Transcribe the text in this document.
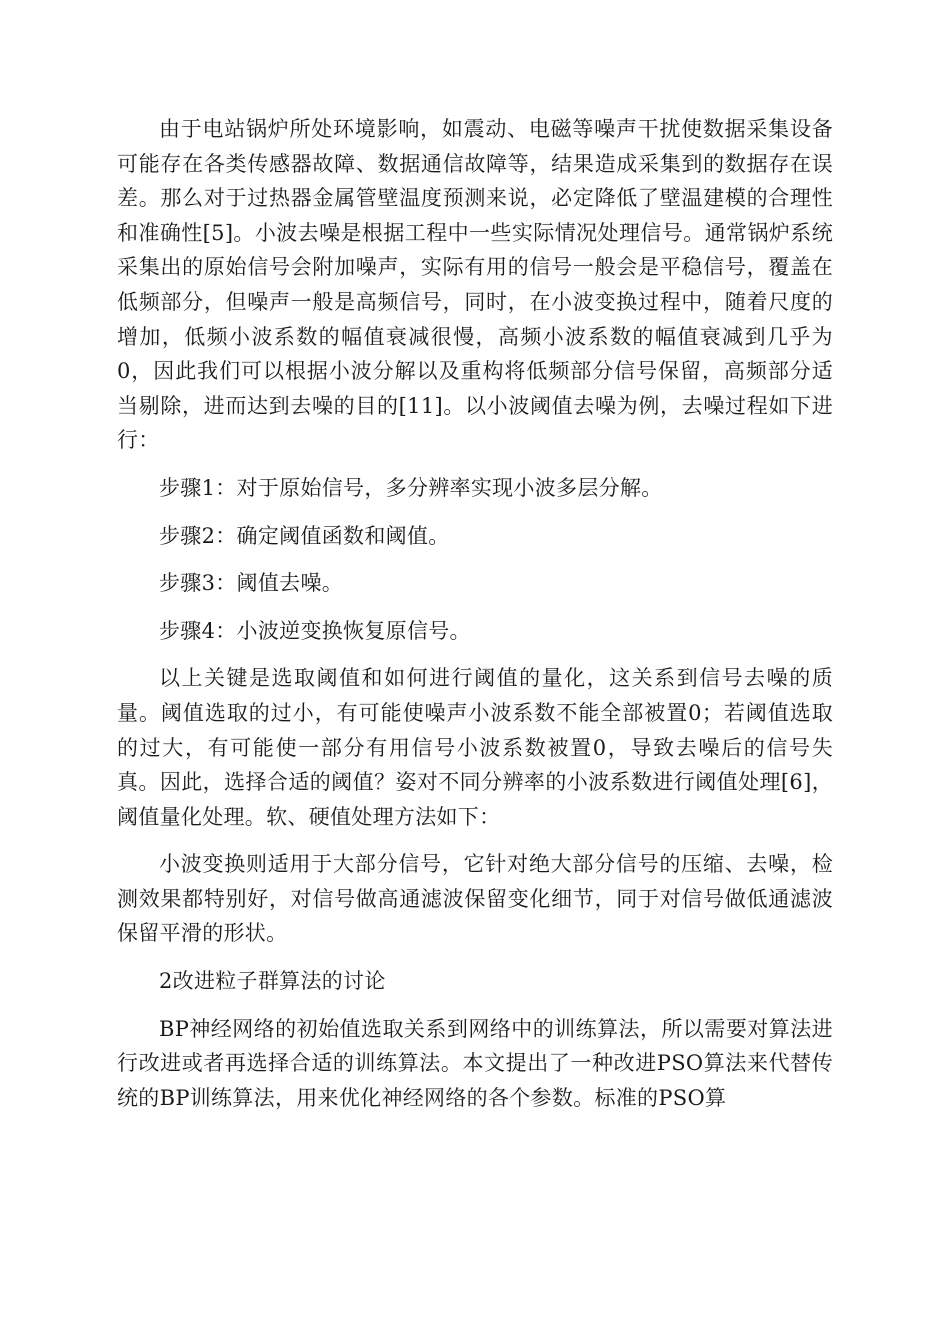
由于电站锅炉所处环境影响，如震动、电磁等噪声干扰使数据采集设备可能存在各类传感器故障、数据通信故障等，结果造成采集到的数据存在误差。那么对于过热器金属管壁温度预测来说，必定降低了壁温建模的合理性和准确性[5]。小波去噪是根据工程中一些实际情况处理信号。通常锅炉系统采集出的原始信号会附加噪声，实际有用的信号一般会是平稳信号，覆盖在低频部分，但噪声一般是高频信号，同时，在小波变换过程中，随着尺度的增加，低频小波系数的幅值衰减很慢，高频小波系数的幅值衰减到几乎为0，因此我们可以根据小波分解以及重构将低频部分信号保留，高频部分适当剔除，进而达到去噪的目的[11]。以小波阈值去噪为例，去噪过程如下进行：

步骤1：对于原始信号，多分辨率实现小波多层分解。

步骤2：确定阈值函数和阈值。

步骤3：阈值去噪。

步骤4：小波逆变换恢复原信号。

以上关键是选取阈值和如何进行阈值的量化，这关系到信号去噪的质量。阈值选取的过小，有可能使噪声小波系数不能全部被置0；若阈值选取的过大，有可能使一部分有用信号小波系数被置0，导致去噪后的信号失真。因此，选择合适的阈值？姿对不同分辨率的小波系数进行阈值处理[6]，阈值量化处理。软、硬值处理方法如下：

小波变换则适用于大部分信号，它针对绝大部分信号的压缩、去噪，检测效果都特别好，对信号做高通滤波保留变化细节，同于对信号做低通滤波保留平滑的形状。

2改进粒子群算法的讨论

BP神经网络的初始值选取关系到网络中的训练算法，所以需要对算法进行改进或者再选择合适的训练算法。本文提出了一种改进PSO算法来代替传统的BP训练算法，用来优化神经网络的各个参数。标准的PSO算
